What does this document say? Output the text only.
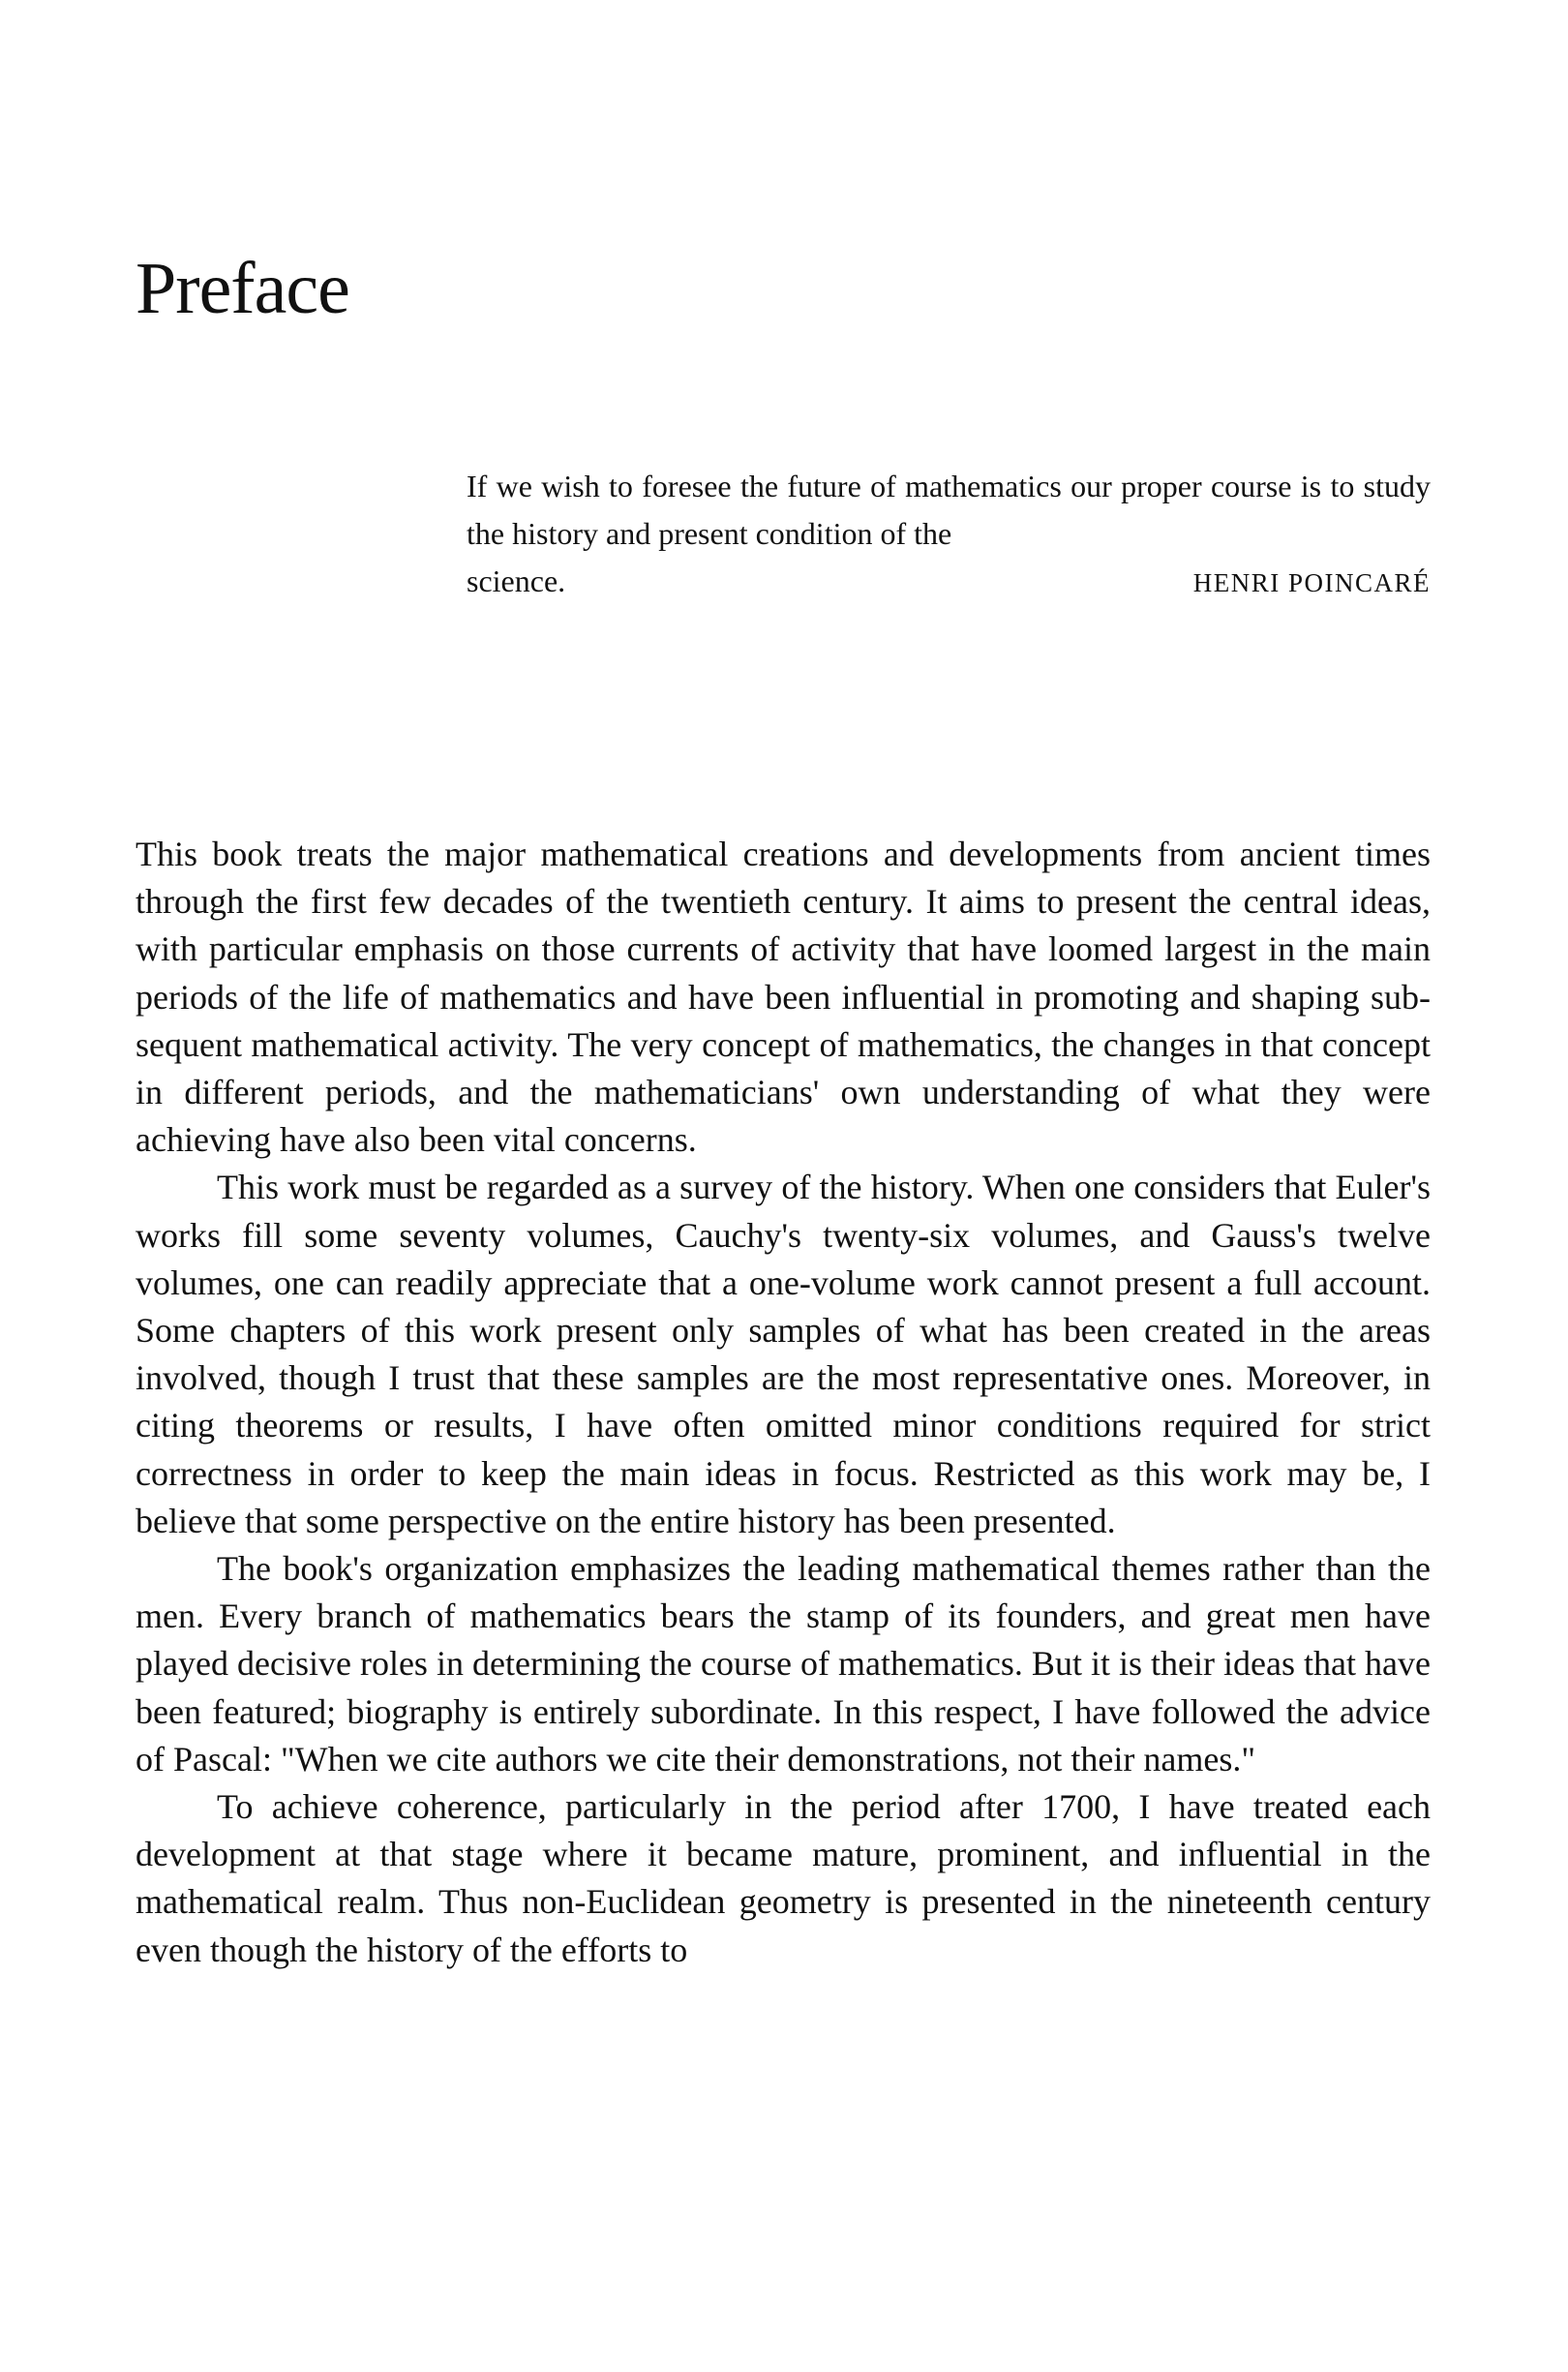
Preface

If we wish to foresee the future of mathematics our proper course is to study the history and present condition of the
science.	HENRI POINCARÉ

This book treats the major mathematical creations and developments from ancient times through the first few decades of the twentieth century. It aims to present the central ideas, with particular emphasis on those currents of activity that have loomed largest in the main periods of the life of mathematics and have been influential in promoting and shaping sub-sequent mathematical activity. The very concept of mathematics, the changes in that concept in different periods, and the mathematicians' own understanding of what they were achieving have also been vital concerns.

This work must be regarded as a survey of the history. When one considers that Euler's works fill some seventy volumes, Cauchy's twenty-six volumes, and Gauss's twelve volumes, one can readily appreciate that a one-volume work cannot present a full account. Some chapters of this work present only samples of what has been created in the areas involved, though I trust that these samples are the most representative ones. Moreover, in citing theorems or results, I have often omitted minor conditions required for strict correctness in order to keep the main ideas in focus. Restricted as this work may be, I believe that some perspective on the entire history has been presented.

The book's organization emphasizes the leading mathematical themes rather than the men. Every branch of mathematics bears the stamp of its founders, and great men have played decisive roles in determining the course of mathematics. But it is their ideas that have been featured; biography is entirely subordinate. In this respect, I have followed the advice of Pascal: "When we cite authors we cite their demonstrations, not their names."

To achieve coherence, particularly in the period after 1700, I have treated each development at that stage where it became mature, prominent, and influential in the mathematical realm. Thus non-Euclidean geometry is presented in the nineteenth century even though the history of the efforts to
